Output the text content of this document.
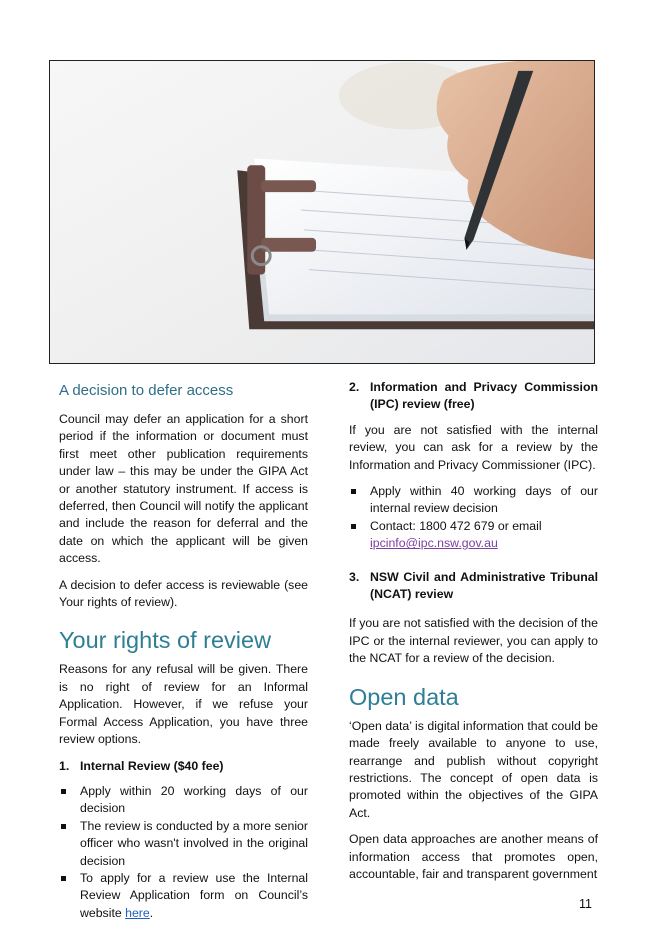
A decision to defer access

Council may defer an application for a short period if the information or document must first meet other publication requirements under law – this may be under the GIPA Act or another statutory instrument. If access is deferred, then Council will notify the applicant and include the reason for deferral and the date on which the applicant will be given access.

A decision to defer access is reviewable (see Your rights of review).

Your rights of review

Reasons for any refusal will be given. There is no right of review for an Informal Application. However, if we refuse your Formal Access Application, you have three review options.

1. Internal Review ($40 fee)
Apply within 20 working days of our decision
The review is conducted by a more senior officer who wasn't involved in the original decision
To apply for a review use the Internal Review Application form on Council’s website here.
2. Information and Privacy Commission (IPC) review (free)

If you are not satisfied with the internal review, you can ask for a review by the Information and Privacy Commissioner (IPC).

Apply within 40 working days of our internal review decision
Contact: 1800 472 679 or email
ipcinfo@ipc.nsw.gov.au
3. NSW Civil and Administrative Tribunal (NCAT) review

If you are not satisfied with the decision of the IPC or the internal reviewer, you can apply to the NCAT for a review of the decision.

Open data

‘Open data’ is digital information that could be made freely available to anyone to use, rearrange and publish without copyright restrictions. The concept of open data is promoted within the objectives of the GIPA Act.

Open data approaches are another means of information access that promotes open, accountable, fair and transparent government

11
